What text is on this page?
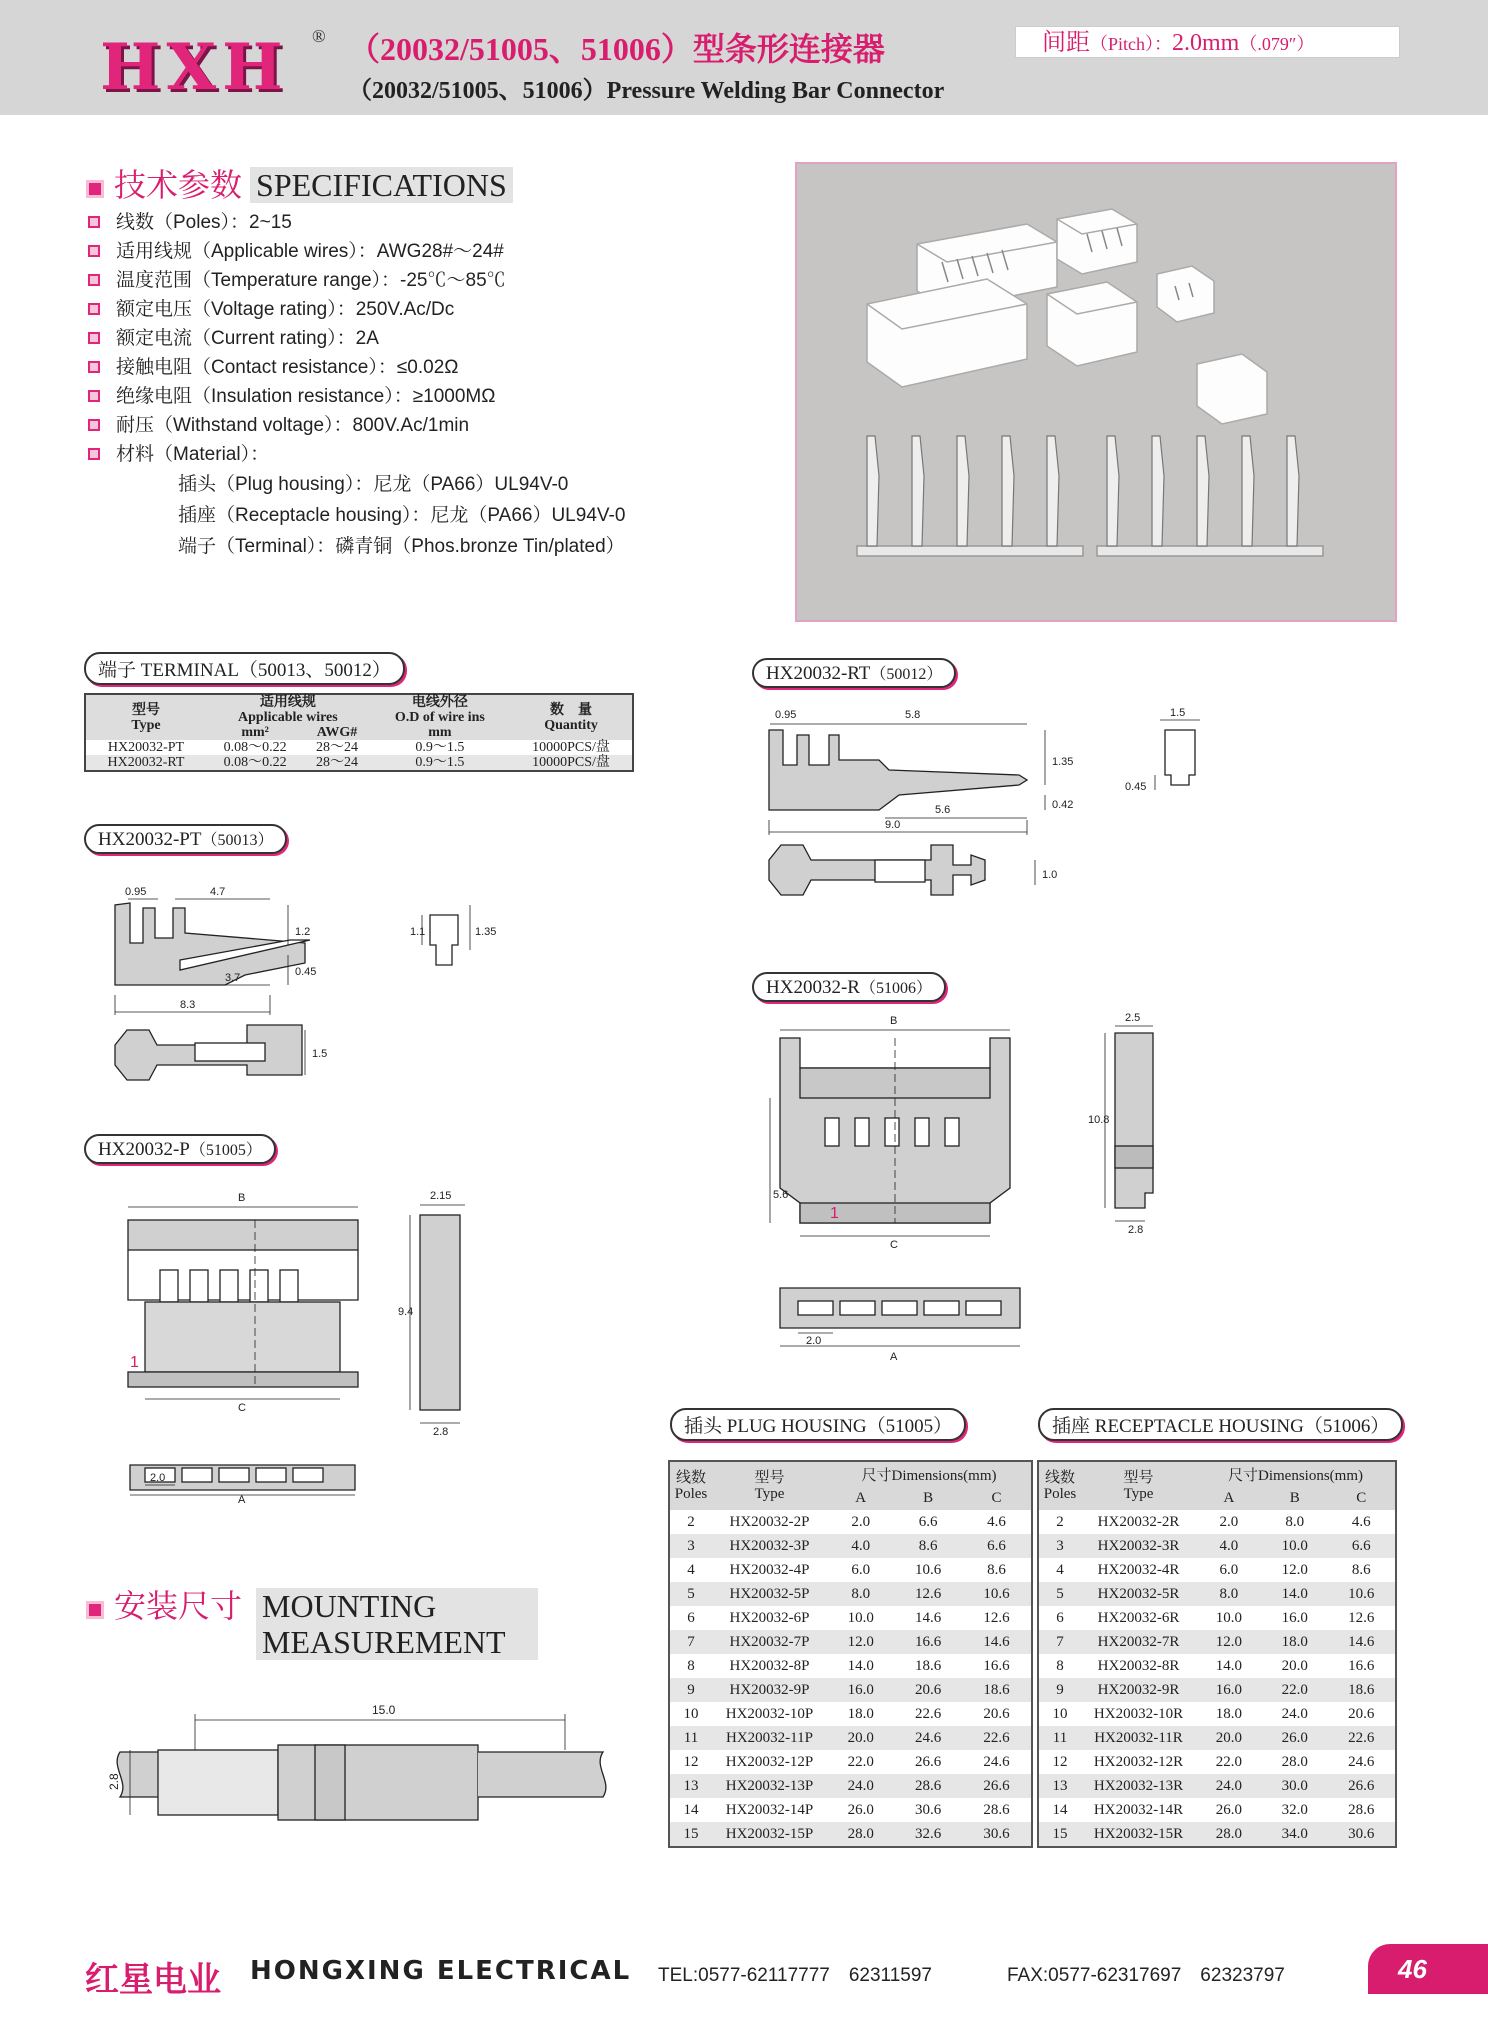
HXH ® （20032/51005、51006）型条形连接器
（20032/51005、51006）Pressure Welding Bar Connector
间距（Pitch）：2.0mm（.079″）
技术参数 SPECIFICATIONS
线数（Poles）：2~15
适用线规（Applicable wires）：AWG28#～24#
温度范围（Temperature range）：-25℃～85℃
额定电压（Voltage rating）：250V.Ac/Dc
额定电流（Current rating）：2A
接触电阻（Contact resistance）：≤0.02Ω
绝缘电阻（Insulation resistance）：≥1000MΩ
耐压（Withstand voltage）：800V.Ac/1min
材料（Material）：
插头（Plug housing）：尼龙（PA66）UL94V-0
插座（Receptacle housing）：尼龙（PA66）UL94V-0
端子（Terminal）：磷青铜（Phos.bronze Tin/plated）
端子 TERMINAL（50013、50012）
型号
Type	适用线规
Applicable wires		电线外径
O.D of wire ins	数　量
Quantity
	mm²	AWG#	mm	
HX20032-PT	0.08～0.22	28～24	0.9～1.5	10000PCS/盘
HX20032-RT	0.08～0.22	28～24	0.9～1.5	10000PCS/盘
HX20032-PT（50013）
HX20032-RT（50012）
HX20032-P（51005）
HX20032-R（51006）
0.95	4.7
1.2	1.1	1.35
3.7	0.45
8.3
1.5
0.95	5.8	1.5
1.35
0.45
5.6	0.42
9.0
1.0
B	2.15
9.4
1
C
2.8
2.0
A
B	2.5
10.8
5.6
1
C
2.8
2.0
A
插头 PLUG HOUSING（51005）
线数
Poles	型号
Type	尺寸Dimensions(mm)		
		A	B	C
2	HX20032-2P	2.0	6.6	4.6
3	HX20032-3P	4.0	8.6	6.6
4	HX20032-4P	6.0	10.6	8.6
5	HX20032-5P	8.0	12.6	10.6
6	HX20032-6P	10.0	14.6	12.6
7	HX20032-7P	12.0	16.6	14.6
8	HX20032-8P	14.0	18.6	16.6
9	HX20032-9P	16.0	20.6	18.6
10	HX20032-10P	18.0	22.6	20.6
11	HX20032-11P	20.0	24.6	22.6
12	HX20032-12P	22.0	26.6	24.6
13	HX20032-13P	24.0	28.6	26.6
14	HX20032-14P	26.0	30.6	28.6
15	HX20032-15P	28.0	32.6	30.6
插座 RECEPTACLE HOUSING（51006）
线数
Poles	型号
Type	尺寸Dimensions(mm)		
		A	B	C
2	HX20032-2R	2.0	8.0	4.6
3	HX20032-3R	4.0	10.0	6.6
4	HX20032-4R	6.0	12.0	8.6
5	HX20032-5R	8.0	14.0	10.6
6	HX20032-6R	10.0	16.0	12.6
7	HX20032-7R	12.0	18.0	14.6
8	HX20032-8R	14.0	20.0	16.6
9	HX20032-9R	16.0	22.0	18.6
10	HX20032-10R	18.0	24.0	20.6
11	HX20032-11R	20.0	26.0	22.6
12	HX20032-12R	22.0	28.0	24.6
13	HX20032-13R	24.0	30.0	26.6
14	HX20032-14R	26.0	32.0	28.6
15	HX20032-15R	28.0	34.0	30.6
安装尺寸 MOUNTING
MEASUREMENT
15.0
2.8
红星电业 HONGXING ELECTRICAL TEL:0577-62117777　62311597	FAX:0577-62317697　62323797	46
